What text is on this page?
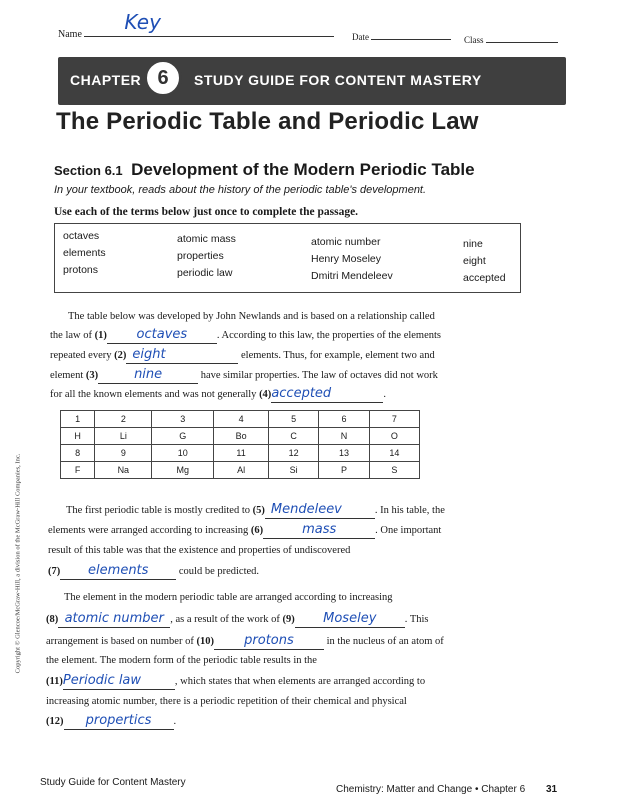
Name
Key
Date	Class
CHAPTER 6	STUDY GUIDE FOR CONTENT MASTERY
The Periodic Table and Periodic Law
Section 6.1 Development of the Modern Periodic Table
In your textbook, reads about the history of the periodic table's development.
Use each of the terms below just once to complete the passage.
octaves	atomic mass	atomic number	nine
elements	properties	Henry Moseley	eight
protons	periodic law	Dmitri Mendeleev	accepted
The table below was developed by John Newlands and is based on a relationship called
the law of (1) octaves	. According to this law, the properties of the elements
repeated every (2) eight	elements. Thus, for example, element two and
element (3)	nine	have similar properties. The law of octaves did not work
for all the known elements and was not generally (4)accepted	.
1	2	3	4	5	6	7
H	Li	G	Bo	C	N	O
8	9	10	11	12	13	14
F	Na	Mg	Al	Si	P	S
The first periodic table is mostly credited to (5) Mendeleev	. In his table, the
elements were arranged according to increasing (6)	mass	. One important
result of this table was that the existence and properties of undiscovered
(7) elements	could be predicted.
The element in the modern periodic table are arranged according to increasing
(8) atomic number , as a result of the work of (9) Moseley	. This
arrangement is based on number of (10) protons	in the nucleus of an atom of
the element. The modern form of the periodic table results in the
(11)Periodic law	, which states that when elements are arranged according to
increasing atomic number, there is a periodic repetition of their chemical and physical
(12) propertics .
Copyright © Glencoe/McGraw-Hill, a division of the McGraw-Hill Companies, Inc.
Study Guide for Content Mastery
Chemistry: Matter and Change • Chapter 6 31
